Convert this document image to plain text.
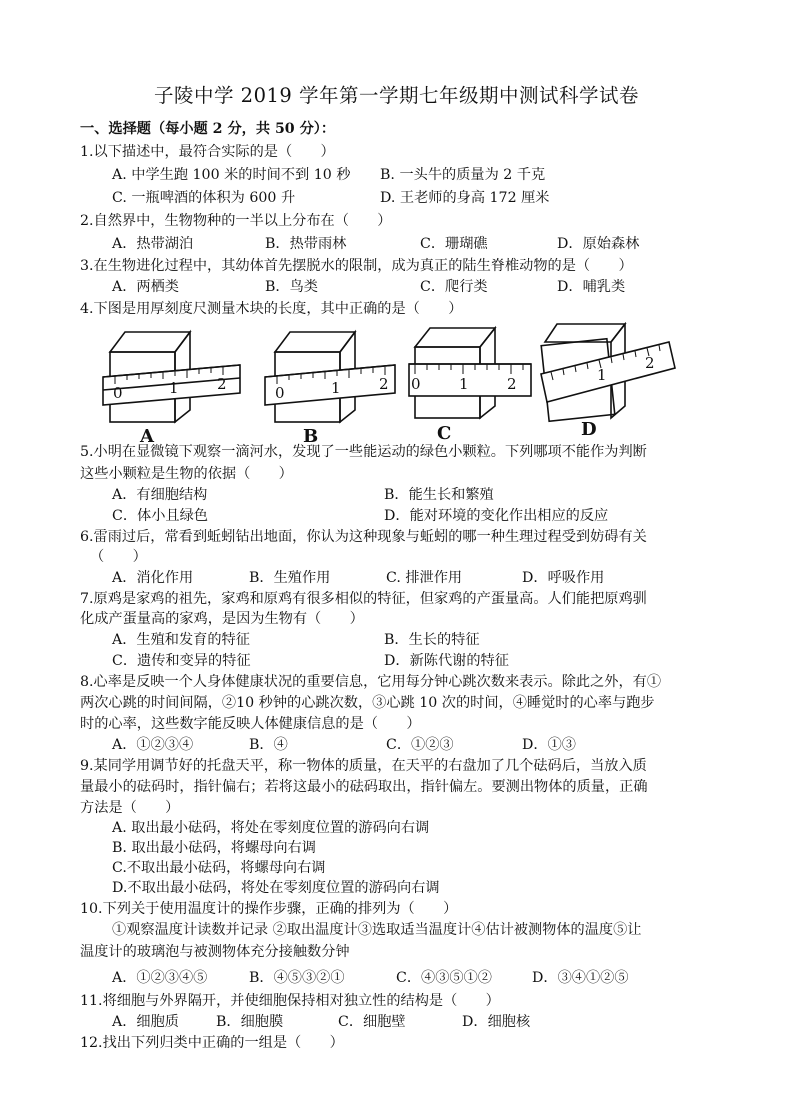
子陵中学 2019 学年第一学期七年级期中测试科学试卷
一、选择题（每小题 2 分，共 50 分）：
1.以下描述中，最符合实际的是（　　）
A. 中学生跑 100 米的时间不到 10 秒 B. 一头牛的质量为 2 千克
C. 一瓶啤酒的体积为 600 升	D. 王老师的身高 172 厘米
2.自然界中，生物物种的一半以上分布在（　　）
A．热带湖泊	B．热带雨林	C．珊瑚礁	D．原始森林
3.在生物进化过程中，其幼体首先摆脱水的限制，成为真正的陆生脊椎动物的是（　　）
A．两栖类	B．鸟类	C．爬行类	D．哺乳类
4.下图是用厚刻度尺测量木块的长度，其中正确的是（　　）
0	1	2	0	1	2 0	1	2	1
2
A	B	C	D
5.小明在显微镜下观察一滴河水，发现了一些能运动的绿色小颗粒。下列哪项不能作为判断
这些小颗粒是生物的依据（　　）
A．有细胞结构	B．能生长和繁殖
C．体小且绿色	D．能对环境的变化作出相应的反应
6.雷雨过后，常看到蚯蚓钻出地面，你认为这种现象与蚯蚓的哪一种生理过程受到妨碍有关
（　　）
A．消化作用	B．生殖作用	C. 排泄作用	D．呼吸作用
7.原鸡是家鸡的祖先，家鸡和原鸡有很多相似的特征，但家鸡的产蛋量高。人们能把原鸡驯
化成产蛋量高的家鸡，是因为生物有（　　）
A．生殖和发育的特征	B．生长的特征
C．遗传和变异的特征	D．新陈代谢的特征
8.心率是反映一个人身体健康状况的重要信息，它用每分钟心跳次数来表示。除此之外，有①
两次心跳的时间间隔，②10 秒钟的心跳次数，③心跳 10 次的时间，④睡觉时的心率与跑步
时的心率，这些数字能反映人体健康信息的是（　　）
A．①②③④	B．④	C．①②③	D．①③
9.某同学用调节好的托盘天平，称一物体的质量，在天平的右盘加了几个砝码后，当放入质
量最小的砝码时，指针偏右；若将这最小的砝码取出，指针偏左。要测出物体的质量，正确
方法是（　　）
A. 取出最小砝码，将处在零刻度位置的游码向右调
B. 取出最小砝码，将螺母向右调
C.不取出最小砝码，将螺母向右调
D.不取出最小砝码，将处在零刻度位置的游码向右调
10.下列关于使用温度计的操作步骤，正确的排列为（　　）
①观察温度计读数并记录 ②取出温度计③选取适当温度计④估计被测物体的温度⑤让
温度计的玻璃泡与被测物体充分接触数分钟
A．①②③④⑤	B．④⑤③②①	C．④③⑤①②	D．③④①②⑤
11.将细胞与外界隔开，并使细胞保持相对独立性的结构是（　　）
A．细胞质	B．细胞膜	C．细胞壁	D．细胞核
12.找出下列归类中正确的一组是（　　）
